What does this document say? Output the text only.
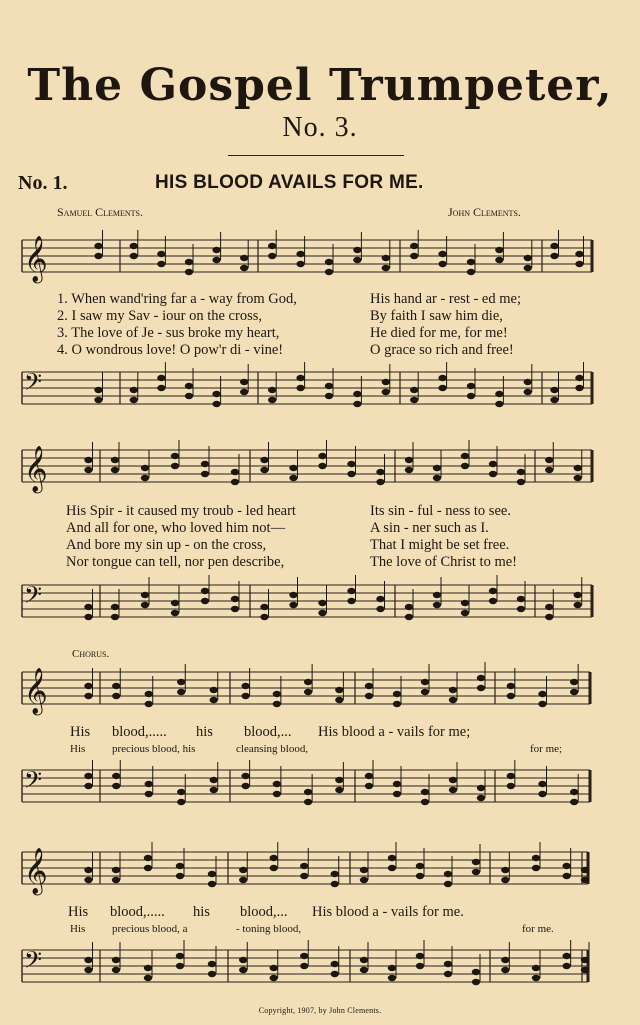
The Gospel Trumpeter,
No. 3.
No. 1.	HIS BLOOD AVAILS FOR ME.
Samuel Clements.	John Clements.
𝄞
1. When wand'ring far a - way from God,	His hand ar - rest - ed me;
2. I saw my Sav - iour on the cross,	By faith I saw him die,
3. The love of Je - sus broke my heart,	He died for me, for me!
4. O wondrous love! O pow'r di - vine!	O grace so rich and free!
𝄢
𝄞
His Spir - it caused my troub - led heart	Its sin - ful - ness to see.
And all for one, who loved him not—	A sin - ner such as I.
And bore my sin up - on the cross,	That I might be set free.
Nor tongue can tell, nor pen describe,	The love of Christ to me!
𝄢
Chorus.
𝄞
His blood,..... his blood,... His blood a - vails for me;
His precious blood, his	cleansing blood,	for me;
𝄢
𝄞
His blood,..... his blood,... His blood a - vails for me.
His precious blood, a	- toning blood,	for me.
𝄢
Copyright, 1907, by John Clements.
